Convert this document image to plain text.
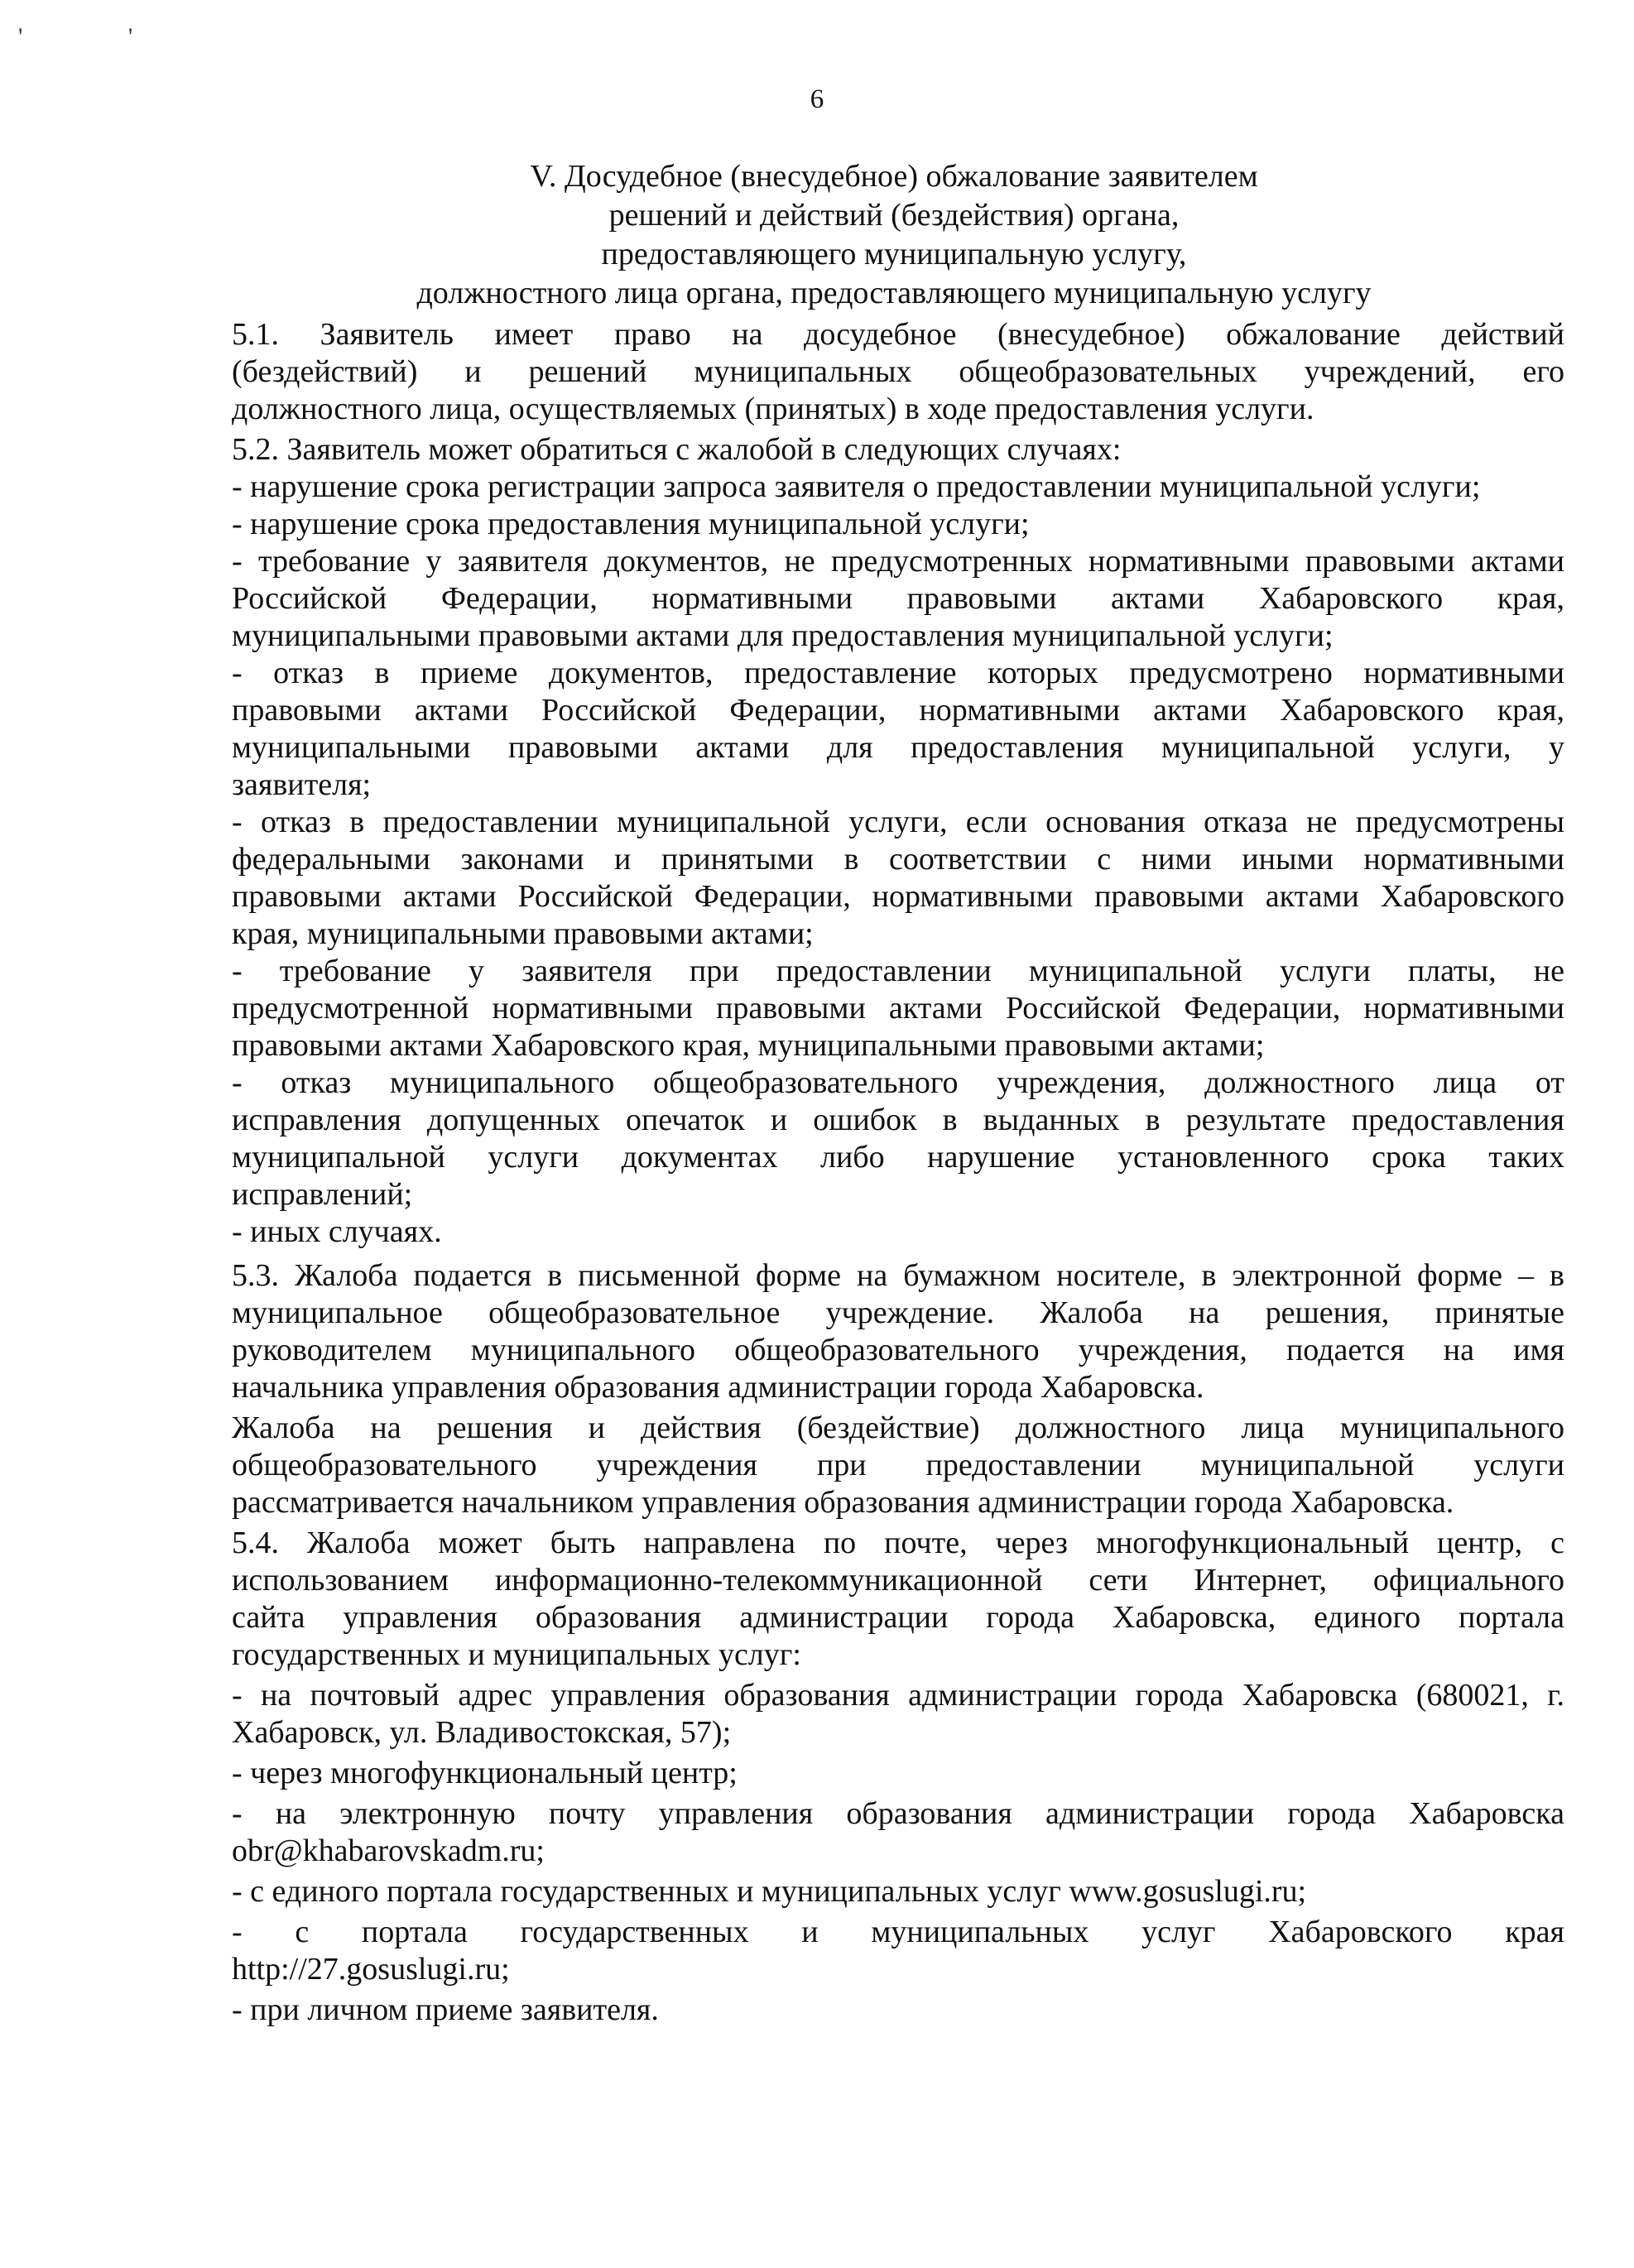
' '
6
V. Досудебное (внесудебное) обжалование заявителем
решений и действий (бездействия) органа,
предоставляющего муниципальную услугу,
должностного лица органа, предоставляющего муниципальную услугу
5.1. Заявитель имеет право на досудебное (внесудебное) обжалование действий
(бездействий) и решений муниципальных общеобразовательных учреждений, его
должностного лица, осуществляемых (принятых) в ходе предоставления услуги.
5.2. Заявитель может обратиться с жалобой в следующих случаях:
- нарушение срока регистрации запроса заявителя о предоставлении муниципальной услуги;
- нарушение срока предоставления муниципальной услуги;
- требование у заявителя документов, не предусмотренных нормативными правовыми актами
Российской Федерации, нормативными правовыми актами Хабаровского края,
муниципальными правовыми актами для предоставления муниципальной услуги;
- отказ в приеме документов, предоставление которых предусмотрено нормативными
правовыми актами Российской Федерации, нормативными актами Хабаровского края,
муниципальными правовыми актами для предоставления муниципальной услуги, у
заявителя;
- отказ в предоставлении муниципальной услуги, если основания отказа не предусмотрены
федеральными законами и принятыми в соответствии с ними иными нормативными
правовыми актами Российской Федерации, нормативными правовыми актами Хабаровского
края, муниципальными правовыми актами;
- требование у заявителя при предоставлении муниципальной услуги платы, не
предусмотренной нормативными правовыми актами Российской Федерации, нормативными
правовыми актами Хабаровского края, муниципальными правовыми актами;
- отказ муниципального общеобразовательного учреждения, должностного лица от
исправления допущенных опечаток и ошибок в выданных в результате предоставления
муниципальной услуги документах либо нарушение установленного срока таких
исправлений;
- иных случаях.
5.3. Жалоба подается в письменной форме на бумажном носителе, в электронной форме – в
муниципальное общеобразовательное учреждение. Жалоба на решения, принятые
руководителем муниципального общеобразовательного учреждения, подается на имя
начальника управления образования администрации города Хабаровска.
Жалоба на решения и действия (бездействие) должностного лица муниципального
общеобразовательного учреждения при предоставлении муниципальной услуги
рассматривается начальником управления образования администрации города Хабаровска.
5.4. Жалоба может быть направлена по почте, через многофункциональный центр, с
использованием информационно-телекоммуникационной сети Интернет, официального
сайта управления образования администрации города Хабаровска, единого портала
государственных и муниципальных услуг:
- на почтовый адрес управления образования администрации города Хабаровска (680021, г.
Хабаровск, ул. Владивостокская, 57);
- через многофункциональный центр;
- на электронную почту управления образования администрации города Хабаровска
obr@khabarovskadm.ru;
- с единого портала государственных и муниципальных услуг www.gosuslugi.ru;
- с портала государственных и муниципальных услуг Хабаровского края
http://27.gosuslugi.ru;
- при личном приеме заявителя.
